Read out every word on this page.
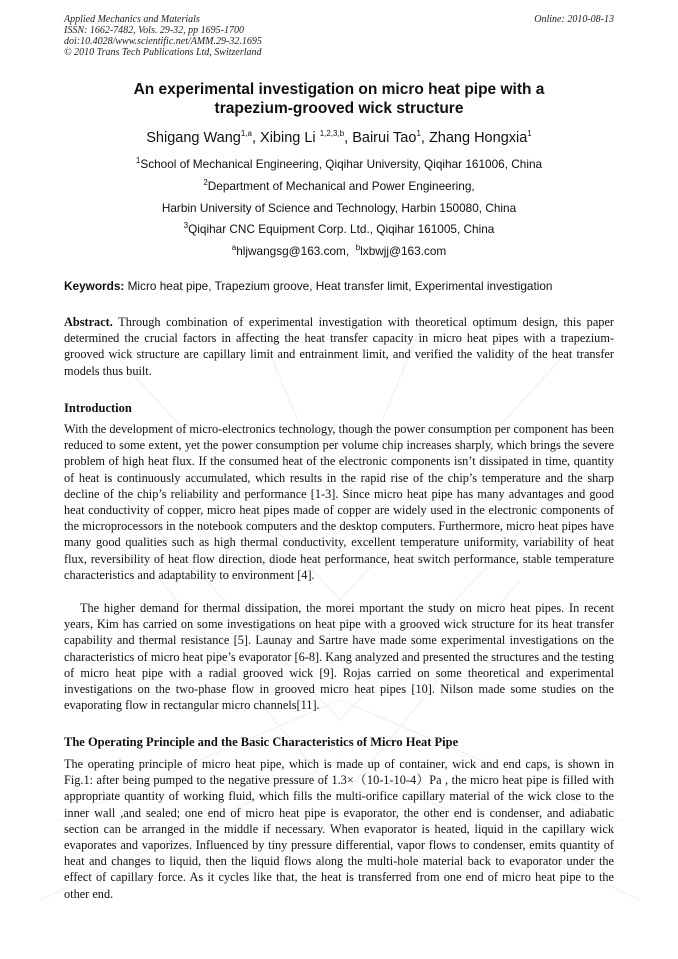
Applied Mechanics and Materials
ISSN: 1662-7482, Vols. 29-32, pp 1695-1700
doi:10.4028/www.scientific.net/AMM.29-32.1695
© 2010 Trans Tech Publications Ltd, Switzerland
Online: 2010-08-13
An experimental investigation on micro heat pipe with a
trapezium-grooved wick structure
Shigang Wang$^{1,a}$, Xibing Li $^{1,2,3,b}$, Bairui Tao$^1$, Zhang Hongxia$^1$
$^1$School of Mechanical Engineering, Qiqihar University, Qiqihar 161006, China
$^2$Department of Mechanical and Power Engineering,
Harbin University of Science and Technology, Harbin 150080, China
$^3$Qiqihar CNC Equipment Corp. Ltd., Qiqihar 161005, China
$^a$hljwangsg@163.com, $^b$lxbwjj@163.com
Keywords: Micro heat pipe, Trapezium groove, Heat transfer limit, Experimental investigation
Abstract. Through combination of experimental investigation with theoretical optimum design, this paper determined the crucial factors in affecting the heat transfer capacity in micro heat pipes with a trapezium-grooved wick structure are capillary limit and entrainment limit, and verified the validity of the heat transfer models thus built.
Introduction
With the development of micro-electronics technology, though the power consumption per component has been reduced to some extent, yet the power consumption per volume chip increases sharply, which brings the severe problem of high heat flux. If the consumed heat of the electronic components isn’t dissipated in time, quantity of heat is continuously accumulated, which results in the rapid rise of the chip’s temperature and the sharp decline of the chip’s reliability and performance [1-3]. Since micro heat pipe has many advantages and good heat conductivity of copper, micro heat pipes made of copper are widely used in the electronic components of the microprocessors in the notebook computers and the desktop computers. Furthermore, micro heat pipes have many good qualities such as high thermal conductivity, excellent temperature uniformity, variability of heat flux, reversibility of heat flow direction, diode heat performance, heat switch performance, stable temperature characteristics and adaptability to environment [4].
The higher demand for thermal dissipation, the morei mportant the study on micro heat pipes. In recent years, Kim has carried on some investigations on heat pipe with a grooved wick structure for its heat transfer capability and thermal resistance [5]. Launay and Sartre have made some experimental investigations on the characteristics of micro heat pipe’s evaporator [6-8]. Kang analyzed and presented the structures and the testing of micro heat pipe with a radial grooved wick [9]. Rojas carried on some theoretical and experimental investigations on the two-phase flow in grooved micro heat pipes [10]. Nilson made some studies on the evaporating flow in rectangular micro channels[11].
The Operating Principle and the Basic Characteristics of Micro Heat Pipe
The operating principle of micro heat pipe, which is made up of container, wick and end caps, is shown in Fig.1: after being pumped to the negative pressure of 1.3×（10-1-10-4）Pa , the micro heat pipe is filled with appropriate quantity of working fluid, which fills the multi-orifice capillary material of the wick close to the inner wall ,and sealed; one end of micro heat pipe is evaporator, the other end is condenser, and adiabatic section can be arranged in the middle if necessary. When evaporator is heated, liquid in the capillary wick evaporates and vaporizes. Influenced by tiny pressure differential, vapor flows to condenser, emits quantity of heat and changes to liquid, then the liquid flows along the multi-hole material back to evaporator under the effect of capillary force. As it cycles like that, the heat is transferred from one end of micro heat pipe to the other end.
